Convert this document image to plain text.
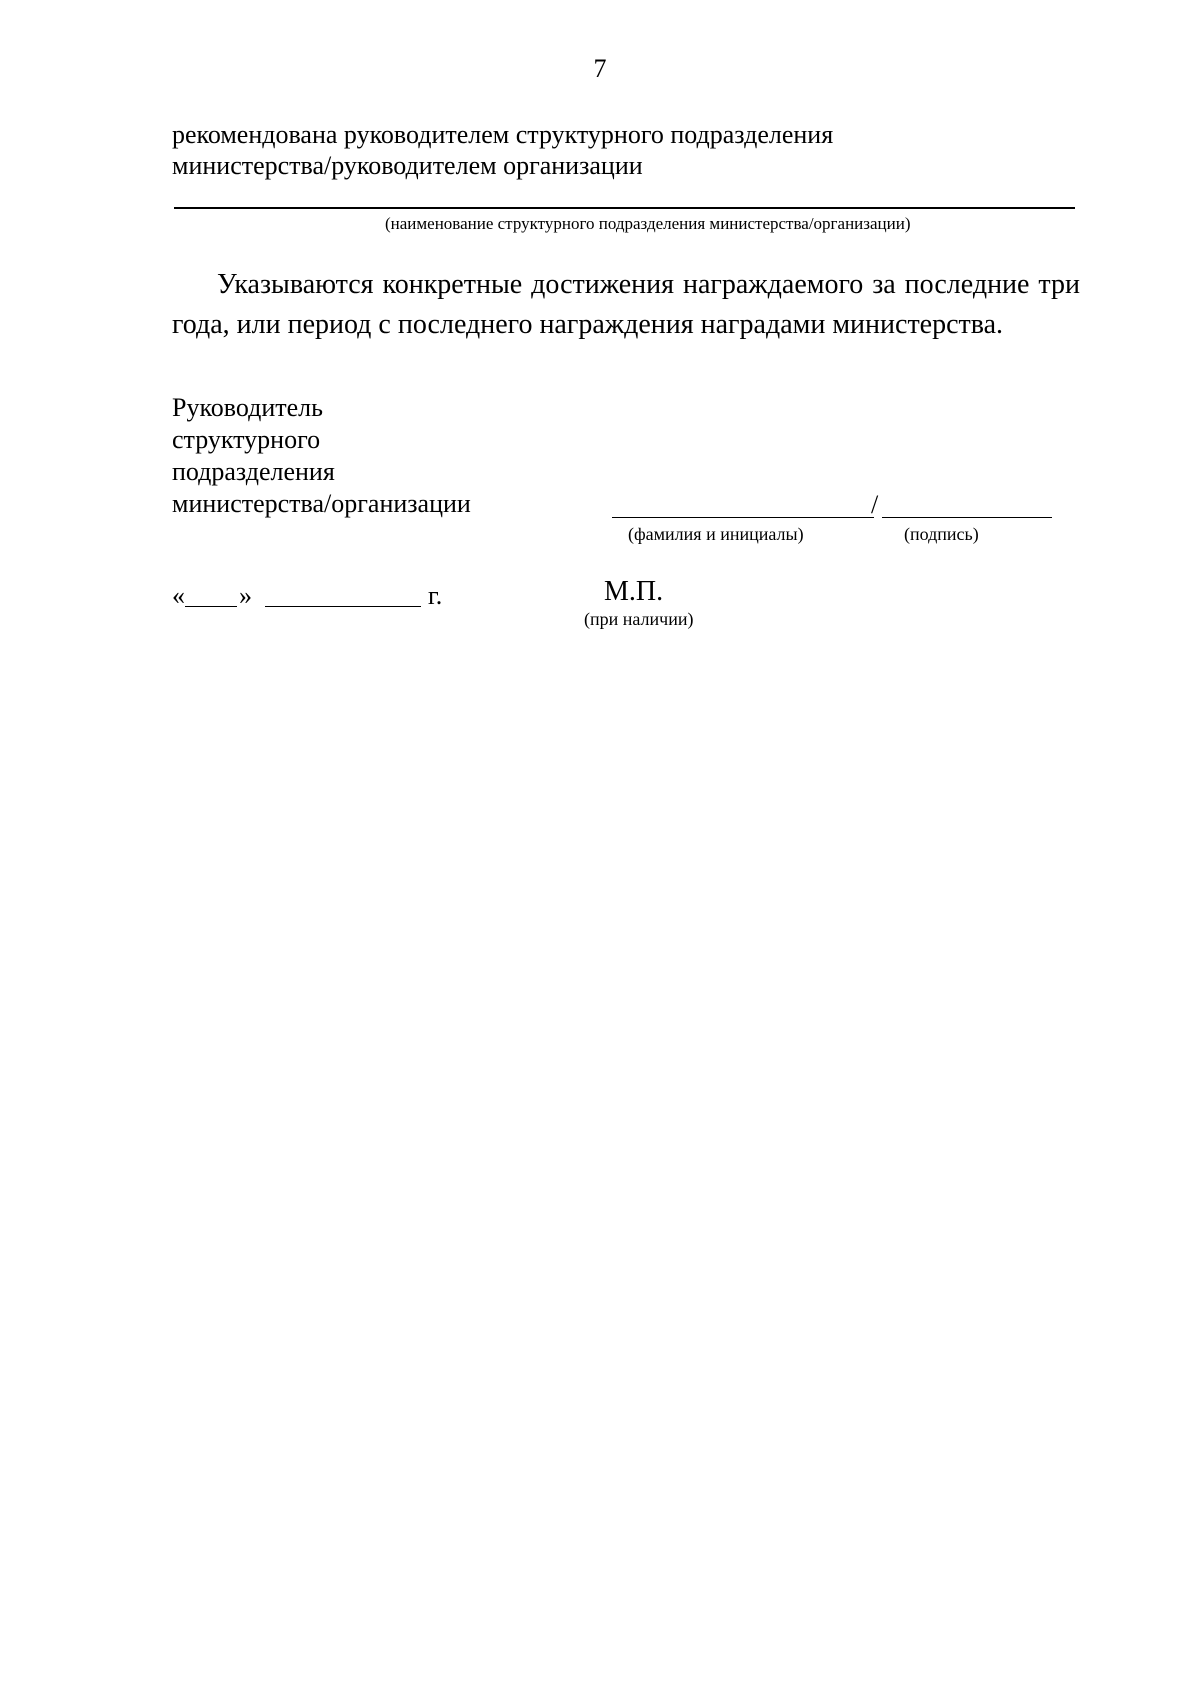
7
рекомендована руководителем структурного подразделения
министерства/руководителем организации
(наименование структурного подразделения министерства/организации)
Указываются конкретные достижения награждаемого за последние три года, или период с последнего награждения наградами министерства.
Руководитель
структурного
подразделения
министерства/организации	/
(фамилия и инициалы)	(подпись)
« »	г.	М.П.
(при наличии)
